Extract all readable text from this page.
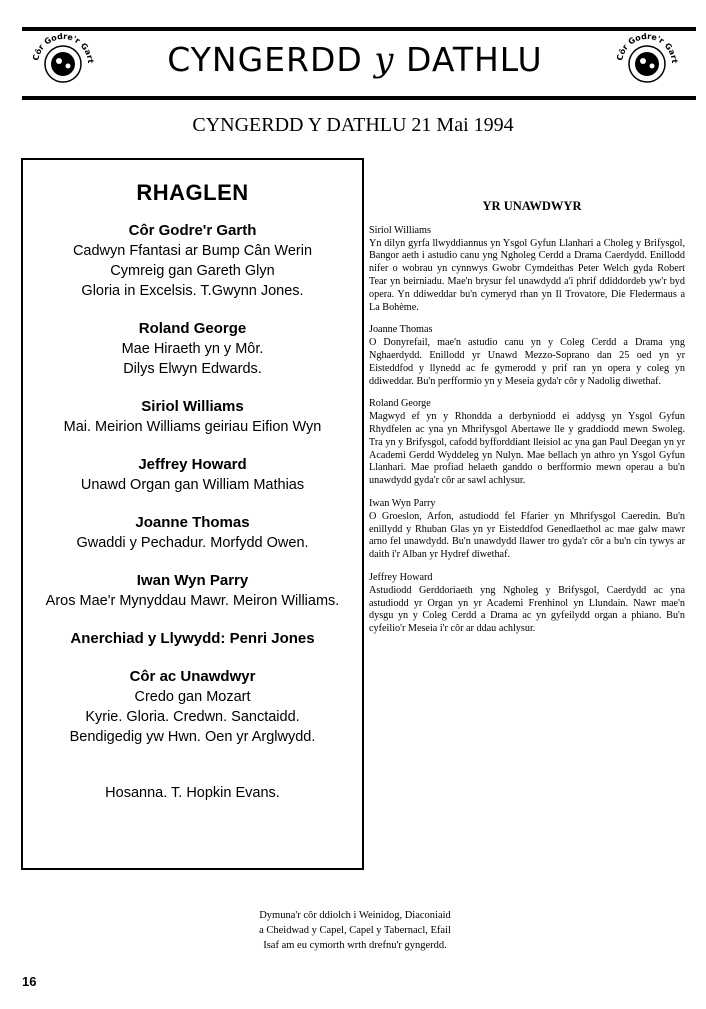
Côr Godre'r Gart	Côr Godre'r Gart
CYNGERDD y DATHLU
CYNGERDD Y DATHLU 21 Mai 1994
RHAGLEN
Côr Godre'r Garth
Cadwyn Ffantasi ar Bump Cân Werin
Cymreig gan Gareth Glyn
Gloria in Excelsis. T.Gwynn Jones.
Roland George
Mae Hiraeth yn y Môr.
Dilys Elwyn Edwards.
Siriol Williams
Mai. Meirion Williams geiriau Eifion Wyn
Jeffrey Howard
Unawd Organ gan William Mathias
Joanne Thomas
Gwaddi y Pechadur. Morfydd Owen.
Iwan Wyn Parry
Aros Mae'r Mynyddau Mawr. Meiron Williams.
Anerchiad y Llywydd: Penri Jones
Côr ac Unawdwyr
Credo gan Mozart
Kyrie. Gloria. Credwn. Sanctaidd.
Bendigedig yw Hwn. Oen yr Arglwydd.
Hosanna. T. Hopkin Evans.
YR UNAWDWYR
Siriol Williams
Yn dilyn gyrfa llwyddiannus yn Ysgol Gyfun Llanhari a Choleg y Brifysgol, Bangor aeth i astudio canu yng Ngholeg Cerdd a Drama Caerdydd. Enillodd nifer o wobrau yn cynnwys Gwobr Cymdeithas Peter Welch gyda Robert Tear yn beirniadu. Mae'n brysur fel unawdydd a'i phrif ddiddordeb yw'r byd opera. Yn ddiweddar bu'n cymeryd rhan yn Il Trovatore, Die Fledermaus a La Bohème.
Joanne Thomas
O Donyrefail, mae'n astudio canu yn y Coleg Cerdd a Drama yng Nghaerdydd. Enillodd yr Unawd Mezzo-Soprano dan 25 oed yn yr Eisteddfod y llynedd ac fe gymerodd y prif ran yn opera y coleg yn ddiweddar. Bu'n perfformio yn y Meseia gyda'r côr y Nadolig diwethaf.
Roland George
Magwyd ef yn y Rhondda a derbyniodd ei addysg yn Ysgol Gyfun Rhydfelen ac yna yn Mhrifysgol Abertawe lle y graddiodd mewn Swoleg. Tra yn y Brifysgol, cafodd byfforddiant lleisiol ac yna gan Paul Deegan yn yr Academi Gerdd Wyddeleg yn Nulyn. Mae bellach yn athro yn Ysgol Gyfun Llanhari. Mae profiad helaeth ganddo o berfformio mewn operau a bu'n unawdydd gyda'r côr ar sawl achlysur.
Iwan Wyn Parry
O Groeslon, Arfon, astudiodd fel Ffarier yn Mhrifysgol Caeredin. Bu'n enillydd y Rhuban Glas yn yr Eisteddfod Genedlaethol ac mae galw mawr arno fel unawdydd. Bu'n unawdydd llawer tro gyda'r côr a bu'n cin tywys ar daith i'r Alban yr Hydref diwethaf.
Jeffrey Howard
Astudiodd Gerddoriaeth yng Ngholeg y Brifysgol, Caerdydd ac yna astudiodd yr Organ yn yr Academi Frenhinol yn Llundain. Nawr mae'n dysgu yn y Coleg Cerdd a Drama ac yn gyfeilydd organ a phiano. Bu'n cyfeilio'r Meseia i'r côr ar ddau achlysur.
Dymuna'r côr ddiolch i Weinidog, Diaconiaid
a Cheidwad y Capel, Capel y Tabernacl, Efail
Isaf am eu cymorth wrth drefnu'r gyngerdd.
16
